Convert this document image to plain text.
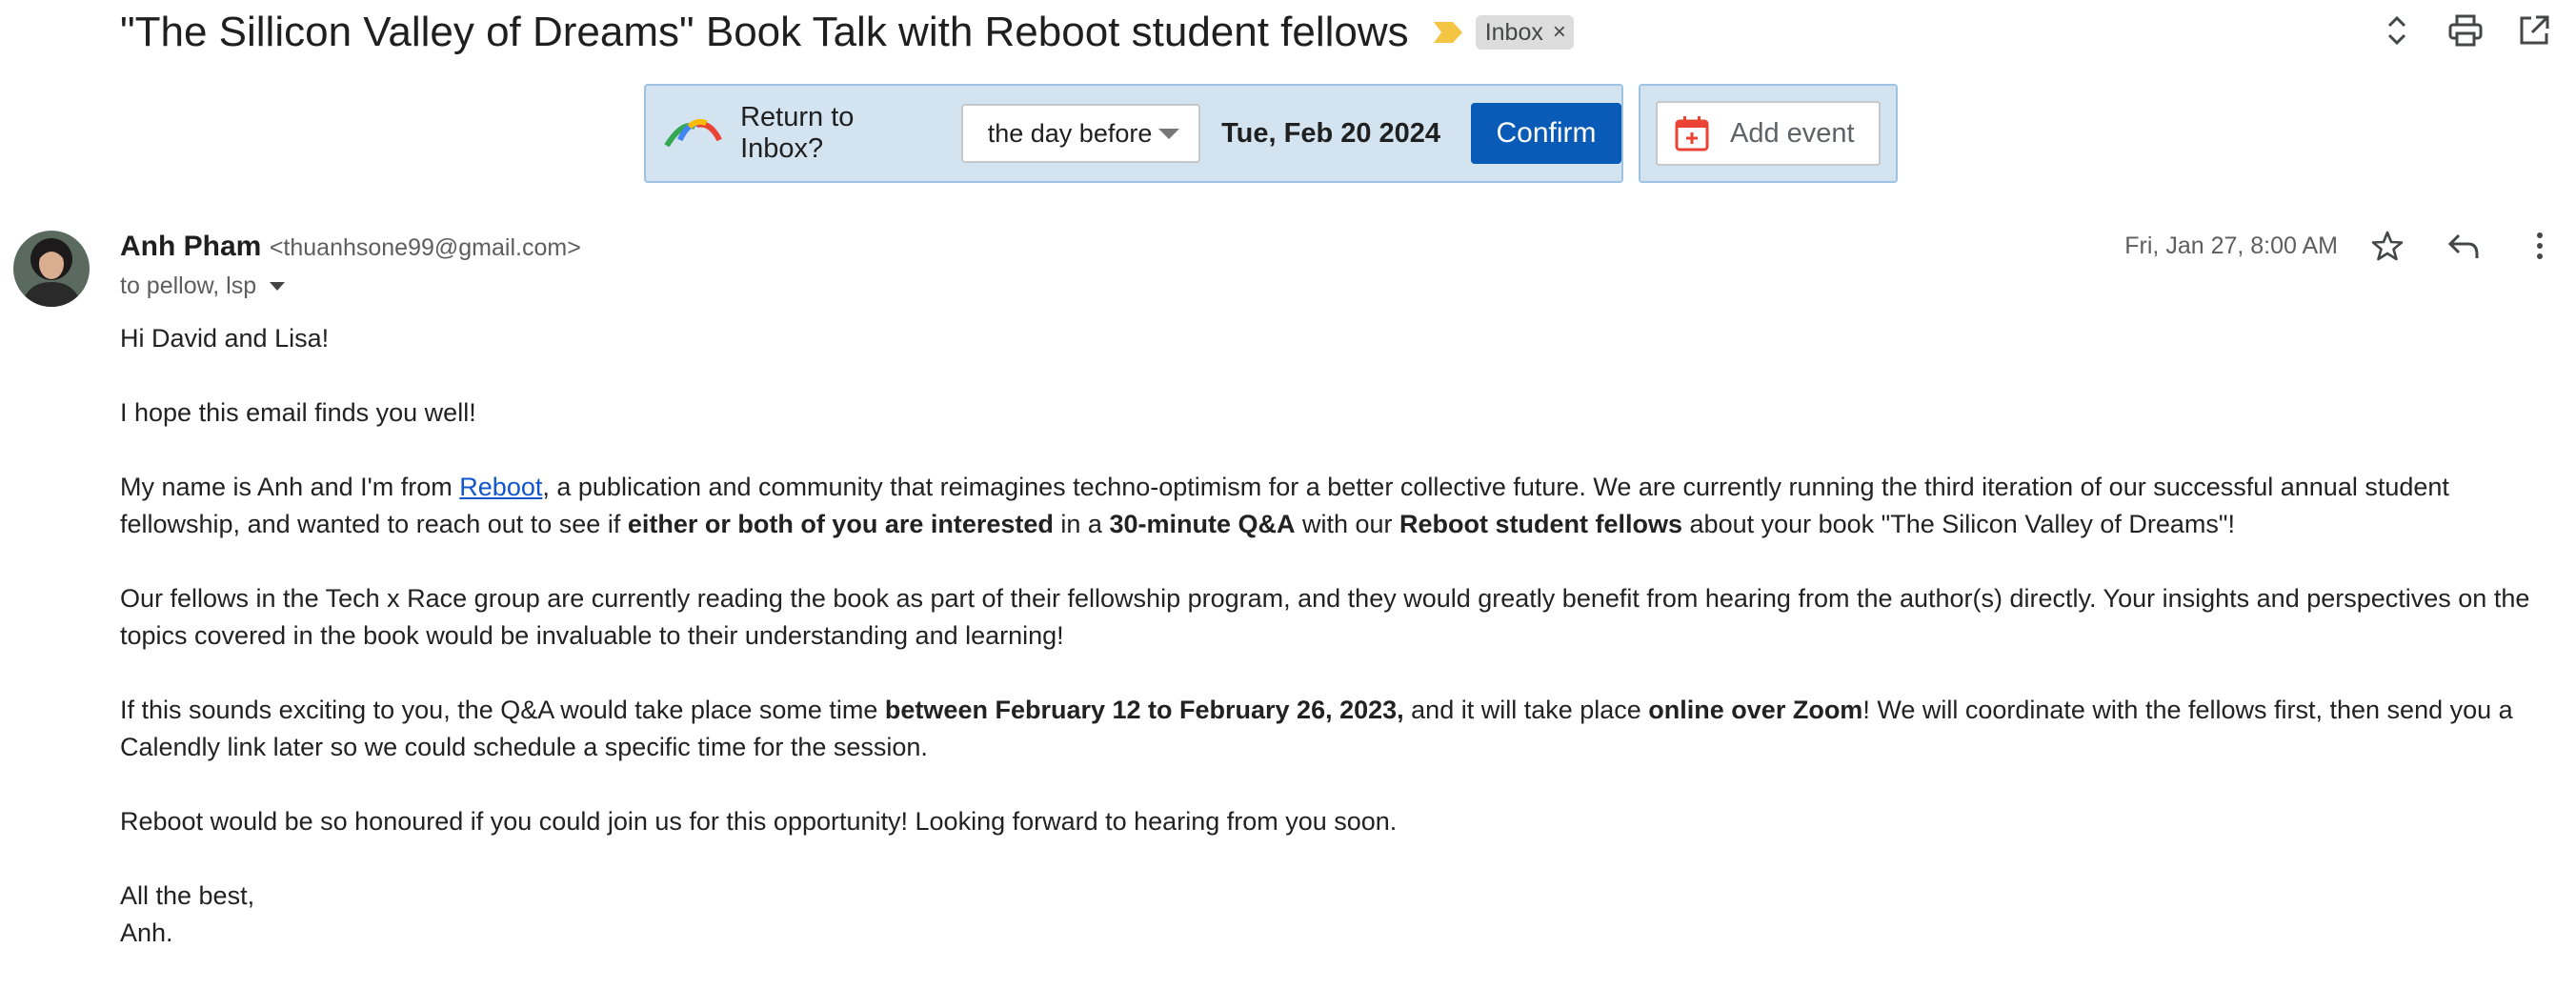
"The Sillicon Valley of Dreams" Book Talk with Reboot student fellows	Inbox ×
Return to Inbox?
the day before	Tue, Feb 20 2024	Confirm	Add event
Anh Pham <thuanhsone99@gmail.com>
to pellow, lsp
Fri, Jan 27, 8:00 AM

Hi David and Lisa!

I hope this email finds you well!

My name is Anh and I'm from Reboot, a publication and community that reimagines techno-optimism for a better collective future. We are currently running the third iteration of our successful annual student fellowship, and wanted to reach out to see if either or both of you are interested in a 30-minute Q&A with our Reboot student fellows about your book "The Silicon Valley of Dreams"!

Our fellows in the Tech x Race group are currently reading the book as part of their fellowship program, and they would greatly benefit from hearing from the author(s) directly. Your insights and perspectives on the topics covered in the book would be invaluable to their understanding and learning!

If this sounds exciting to you, the Q&A would take place some time between February 12 to February 26, 2023, and it will take place online over Zoom! We will coordinate with the fellows first, then send you a Calendly link later so we could schedule a specific time for the session.

Reboot would be so honoured if you could join us for this opportunity! Looking forward to hearing from you soon.

All the best,

Anh.
